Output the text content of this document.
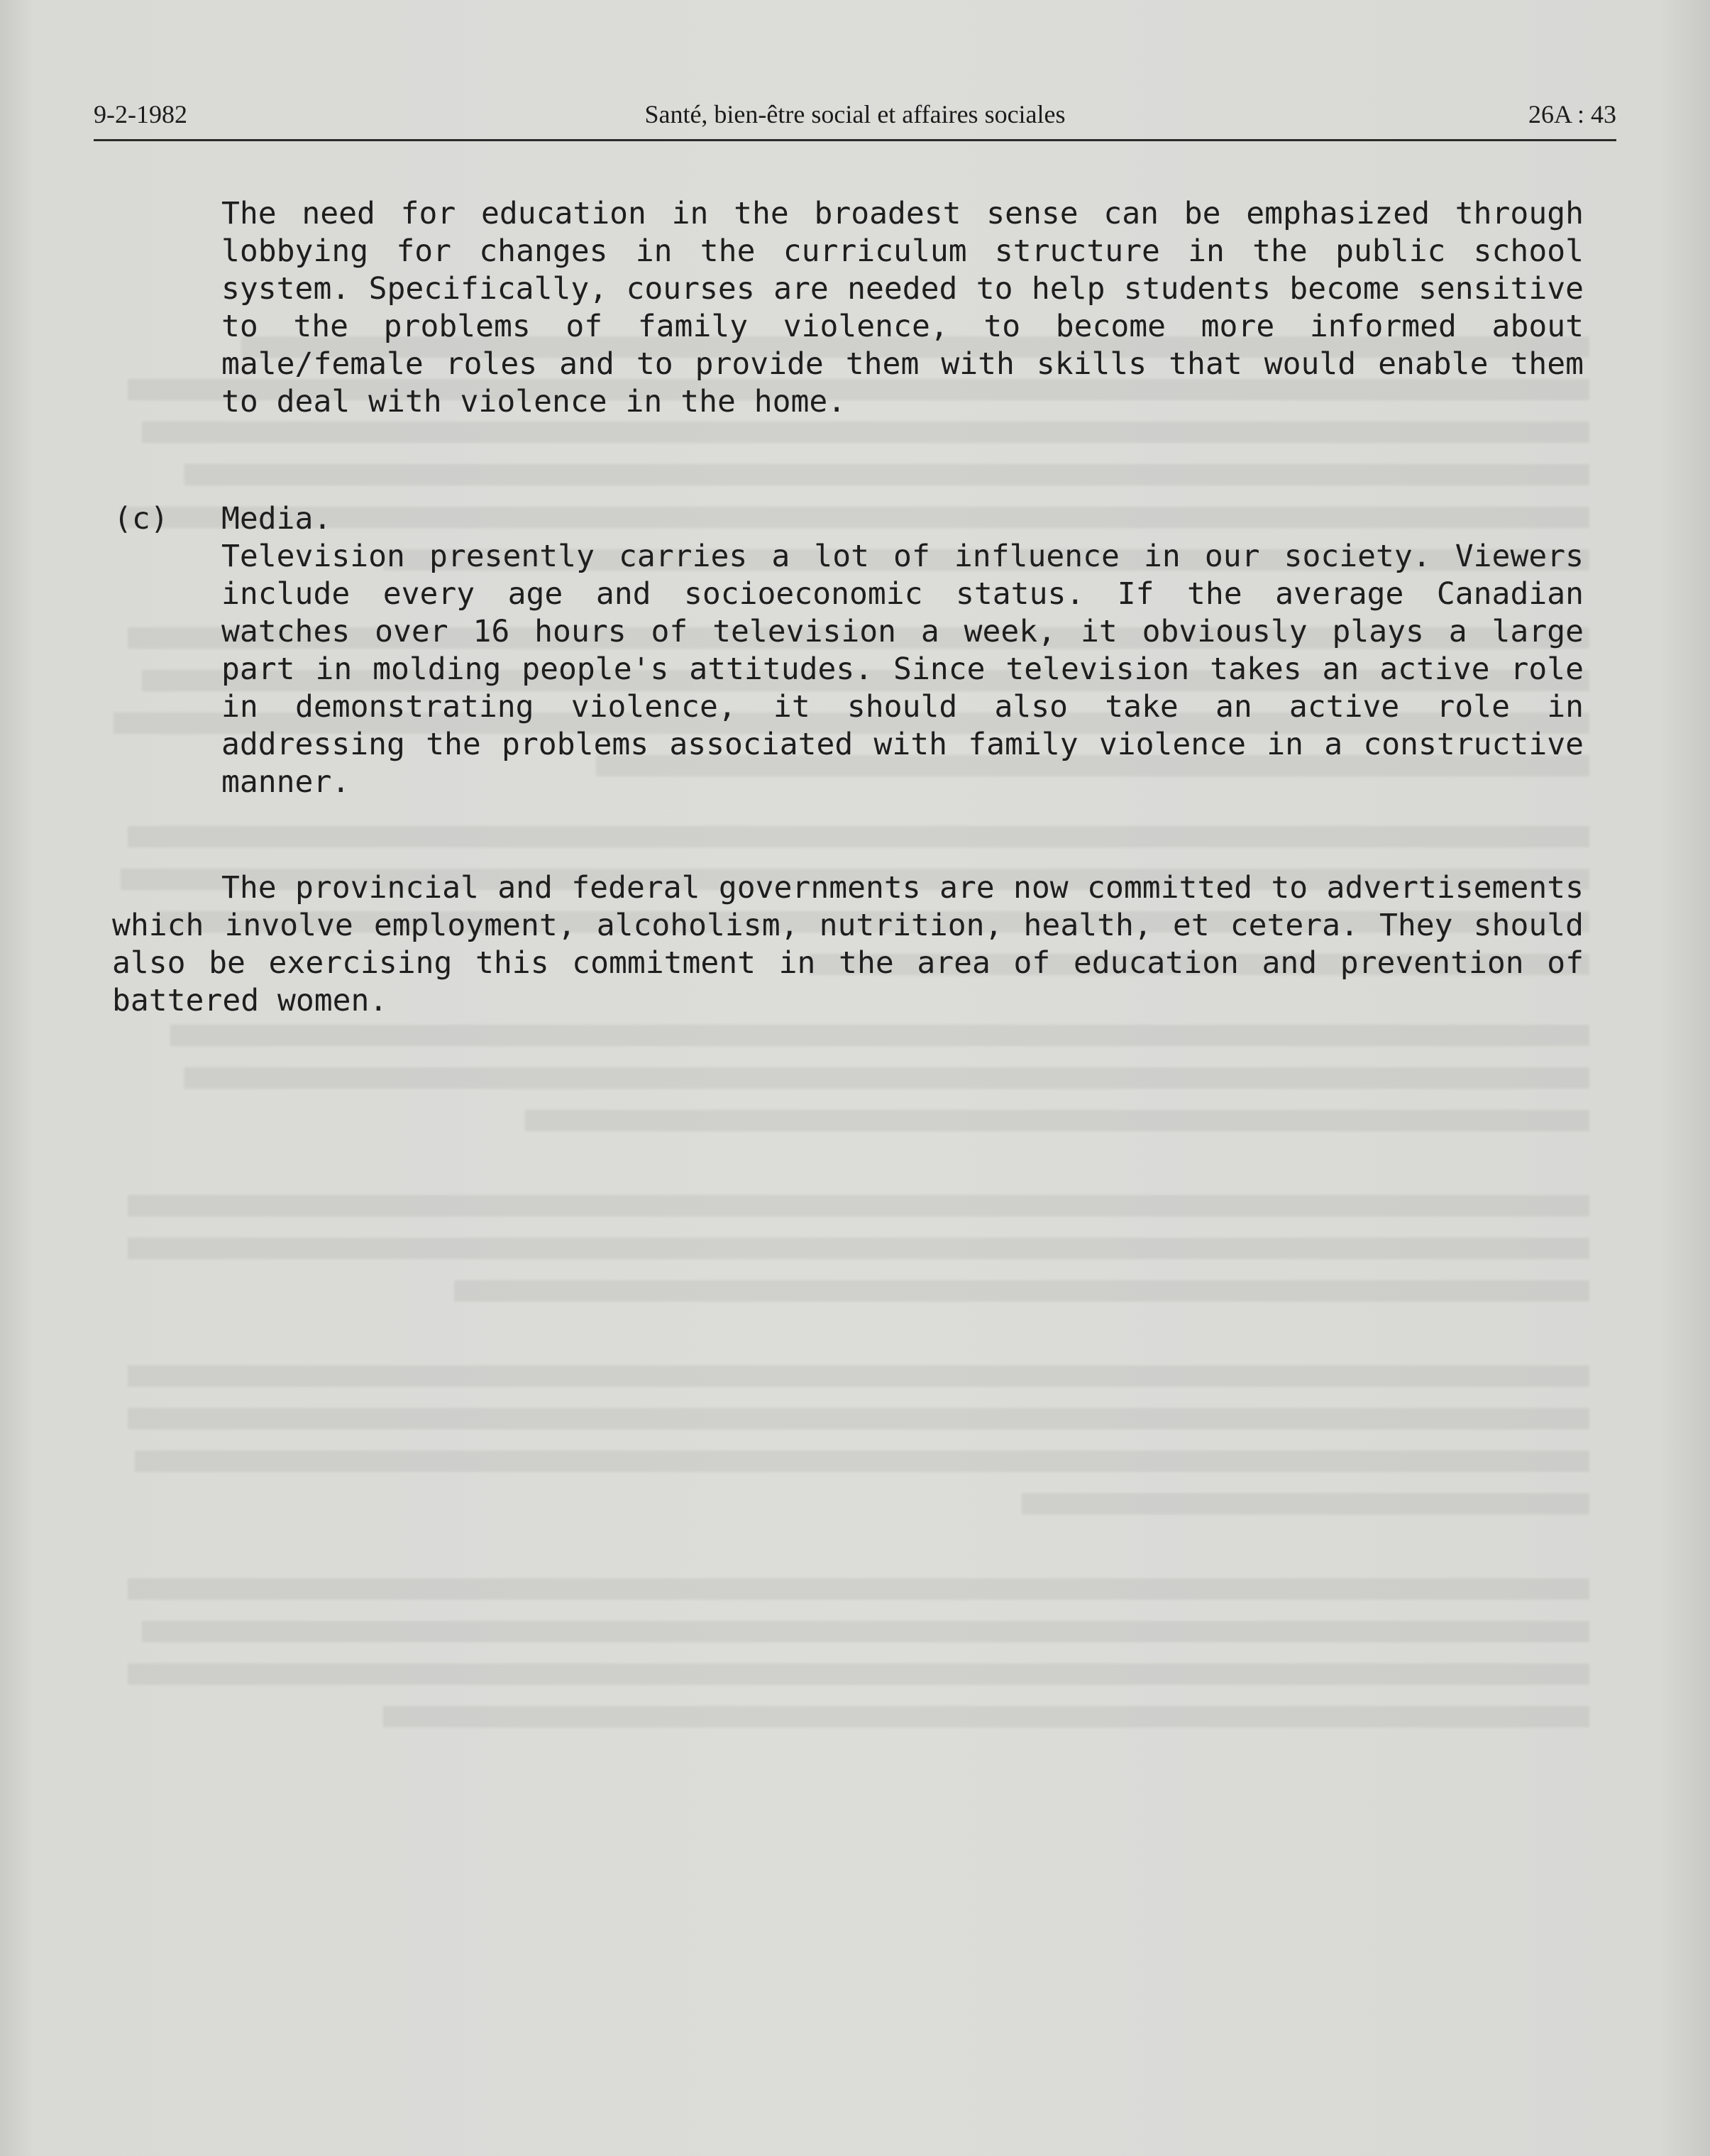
9-2-1982	Santé, bien-être social et affaires sociales	26A : 43

The need for education in the broadest sense can be emphasized through lobbying for changes in the curriculum structure in the public school system. Specifically, courses are needed to help students become sensitive to the problems of family violence, to become more informed about male/female roles and to provide them with skills that would enable them to deal with violence in the home.

(c) Media.

Television presently carries a lot of influence in our society. Viewers include every age and socioeconomic status. If the average Canadian watches over 16 hours of television a week, it obviously plays a large part in molding people's attitudes. Since television takes an active role in demonstrating violence, it should also take an active role in addressing the problems associated with family violence in a constructive manner.

The provincial and federal governments are now committed to advertisements which involve employment, alcoholism, nutrition, health, et cetera. They should also be exercising this commitment in the area of education and prevention of battered women.
